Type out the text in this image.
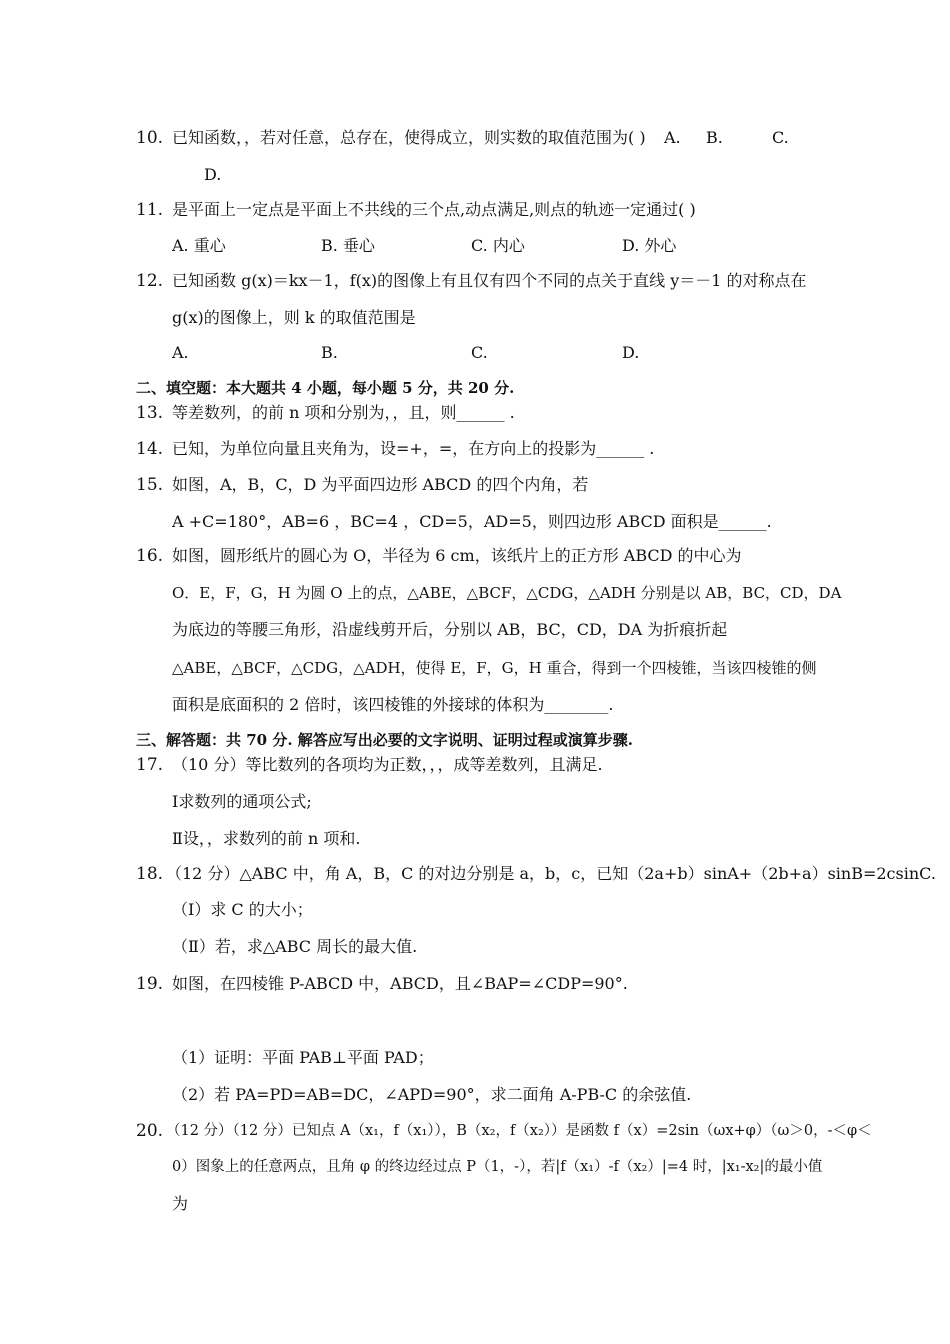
10. 已知函数，，若对任意，总存在，使得成立，则实数的取值范围为( ) A. B.	C.
D.
11. 是平面上一定点是平面上不共线的三个点,动点满足,则点的轨迹一定通过( )
A. 重心	B. 垂心	C. 内心	D. 外心
12. 已知函数 g(x)＝kx－1，f(x)的图像上有且仅有四个不同的点关于直线 y＝－1 的对称点在
g(x)的图像上，则 k 的取值范围是
A.	B.	C.	D.
二、填空题：本大题共 4 小题，每小题 5 分，共 20 分.
13. 等差数列，的前 n 项和分别为，，且，则______ .
14. 已知，为单位向量且夹角为，设=+，=，在方向上的投影为______ .
15. 如图，A，B，C，D 为平面四边形 ABCD 的四个内角，若
A +C=180°，AB=6 ，BC=4 ，CD=5，AD=5，则四边形 ABCD 面积是______.
16. 如图，圆形纸片的圆心为 O，半径为 6 cm，该纸片上的正方形 ABCD 的中心为
O．E，F，G，H 为圆 O 上的点，△ABE，△BCF，△CDG，△ADH 分别是以 AB，BC，CD，DA
为底边的等腰三角形，沿虚线剪开后，分别以 AB，BC，CD，DA 为折痕折起
△ABE，△BCF，△CDG，△ADH，使得 E，F，G，H 重合，得到一个四棱锥，当该四棱锥的侧
面积是底面积的 2 倍时，该四棱锥的外接球的体积为________.
三、解答题：共 70 分. 解答应写出必要的文字说明、证明过程或演算步骤.
17. （10 分）等比数列的各项均为正数，，，成等差数列，且满足.
Ⅰ求数列的通项公式;
Ⅱ设，，求数列的前 n 项和.
18. （12 分）△ABC 中，角 A，B，C 的对边分别是 a，b，c，已知（2a+b）sinA+（2b+a）sinB=2csinC.
（Ⅰ）求 C 的大小；
（Ⅱ）若，求△ABC 周长的最大值.
19. 如图，在四棱锥 P-ABCD 中，ABCD，且∠BAP=∠CDP=90°.
（1）证明：平面 PAB⊥平面 PAD；
（2）若 PA=PD=AB=DC，∠APD=90°，求二面角 A-PB-C 的余弦值.
20. （12 分）（12 分）已知点 A（x₁，f（x₁）），B（x₂，f（x₂））是函数 f（x）=2sin（ωx+φ）（ω＞0，-＜φ＜
0）图象上的任意两点，且角 φ 的终边经过点 P（1，-），若|f（x₁）-f（x₂）|=4 时，|x₁-x₂|的最小值
为
